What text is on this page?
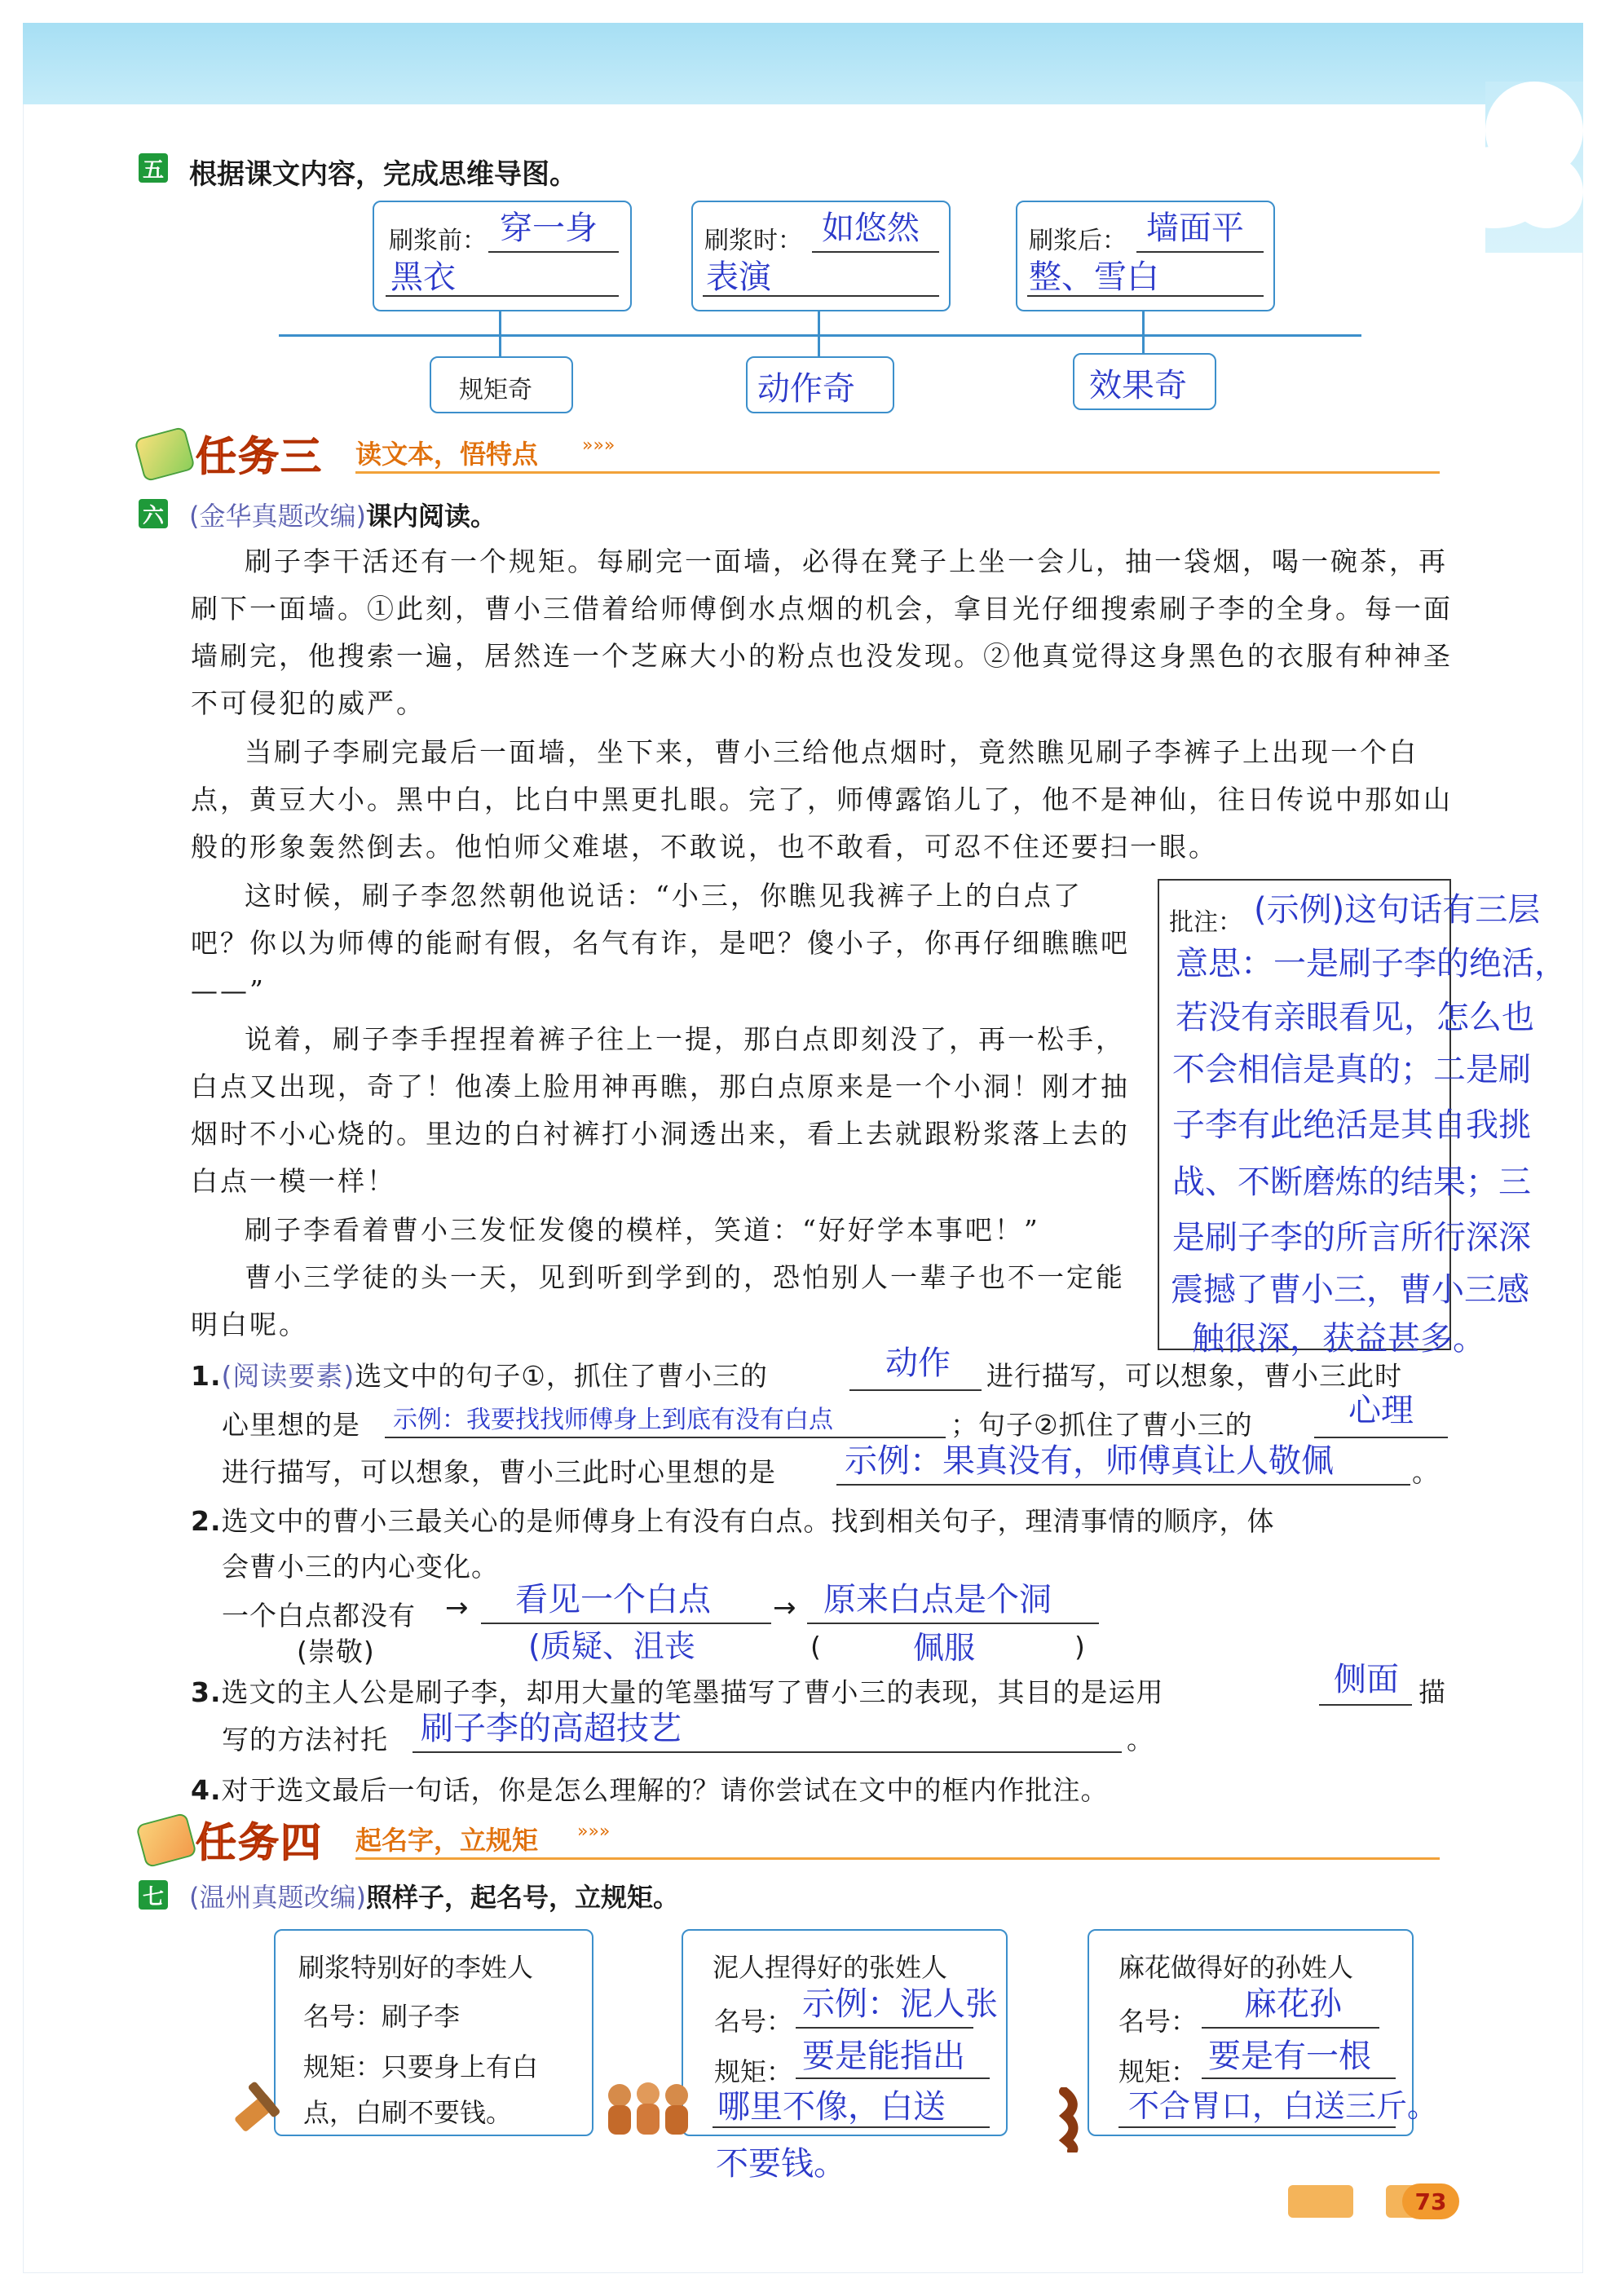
五 根据课文内容，完成思维导图。
刷浆前： 穿一身
黑衣
刷浆时： 如悠然
表演
刷浆后： 墙面平
整、雪白
规矩奇	动作奇	效果奇
任务三 读文本，悟特点 »»»
六 (金华真题改编)课内阅读。
刷子李干活还有一个规矩。每刷完一面墙，必得在凳子上坐一会儿，抽一袋烟，喝一碗茶，再刷下一面墙。①此刻，曹小三借着给师傅倒水点烟的机会，拿目光仔细搜索刷子李的全身。每一面墙刷完，他搜索一遍，居然连一个芝麻大小的粉点也没发现。②他真觉得这身黑色的衣服有种神圣不可侵犯的威严。
当刷子李刷完最后一面墙，坐下来，曹小三给他点烟时，竟然瞧见刷子李裤子上出现一个白点，黄豆大小。黑中白，比白中黑更扎眼。完了，师傅露馅儿了，他不是神仙，往日传说中那如山般的形象轰然倒去。他怕师父难堪，不敢说，也不敢看，可忍不住还要扫一眼。
这时候，刷子李忽然朝他说话：“小三，你瞧见我裤子上的白点了吧？你以为师傅的能耐有假，名气有诈，是吧？傻小子，你再仔细瞧瞧吧——”
说着，刷子李手捏捏着裤子往上一提，那白点即刻没了，再一松手，白点又出现，奇了！他凑上脸用神再瞧，那白点原来是一个小洞！刚才抽烟时不小心烧的。里边的白衬裤打小洞透出来，看上去就跟粉浆落上去的白点一模一样！
刷子李看着曹小三发怔发傻的模样，笑道：“好好学本事吧！”
曹小三学徒的头一天，见到听到学到的，恐怕别人一辈子也不一定能明白呢。
批注： (示例)这句话有三层
意思：一是刷子李的绝活，
若没有亲眼看见，怎么也
不会相信是真的；二是刷
子李有此绝活是其自我挑
战、不断磨炼的结果；三
是刷子李的所言所行深深
震撼了曹小三，曹小三感
触很深，获益甚多。
1.(阅读要素)选文中的句子①，抓住了曹小三的	动作 进行描写，可以想象，曹小三此时
心里想的是 示例：我要找找师傅身上到底有没有白点	；句子②抓住了曹小三的	心理
进行描写，可以想象，曹小三此时心里想的是 示例：果真没有，师傅真让人敬佩	。
2.选文中的曹小三最关心的是师傅身上有没有白点。找到相关句子，理清事情的顺序，体
会曹小三的内心变化。
一个白点都没有 → 看见一个白点 → 原来白点是个洞
(崇敬)	(质疑、沮丧	(	佩服	)
3.选文的主人公是刷子李，却用大量的笔墨描写了曹小三的表现，其目的是运用	侧面 描
写的方法衬托 刷子李的高超技艺	。
4.对于选文最后一句话，你是怎么理解的？请你尝试在文中的框内作批注。
任务四 起名字，立规矩 »»»
七 (温州真题改编)照样子，起名号，立规矩。
刷浆特别好的李姓人
名号：刷子李
规矩：只要身上有白
点，白刷不要钱。
泥人捏得好的张姓人
名号： 示例：泥人张
规矩： 要是能指出
哪里不像，白送
不要钱。
麻花做得好的孙姓人
名号： 麻花孙
规矩： 要是有一根
不合胃口，白送三斤。
73
